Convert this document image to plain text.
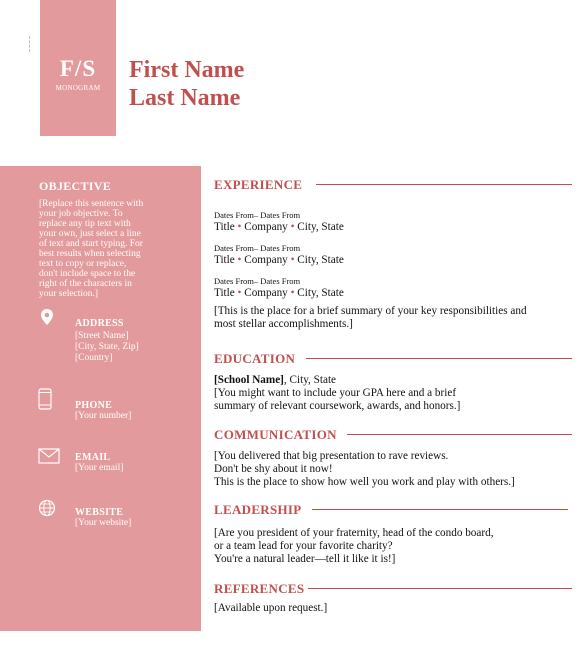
F/S
MONOGRAM
First Name
Last Name
OBJECTIVE
[Replace this sentence with
your job objective. To
replace any tip text with
your own, just select a line
of text and start typing. For
best results when selecting
text to copy or replace,
don't include space to the
right of the characters in
your selection.]
ADDRESS
[Street Name]
[City, State, Zip]
[Country]
PHONE
[Your number]
EMAIL
[Your email]
WEBSITE
[Your website]
EXPERIENCE
Dates From– Dates From
Title • Company • City, State
Dates From– Dates From
Title • Company • City, State
Dates From– Dates From
Title • Company • City, State
[This is the place for a brief summary of your key responsibilities and
most stellar accomplishments.]
EDUCATION
[School Name], City, State
[You might want to include your GPA here and a brief
summary of relevant coursework, awards, and honors.]
COMMUNICATION
[You delivered that big presentation to rave reviews.
Don't be shy about it now!
This is the place to show how well you work and play with others.]
LEADERSHIP
[Are you president of your fraternity, head of the condo board,
or a team lead for your favorite charity?
You're a natural leader—tell it like it is!]
REFERENCES
[Available upon request.]
